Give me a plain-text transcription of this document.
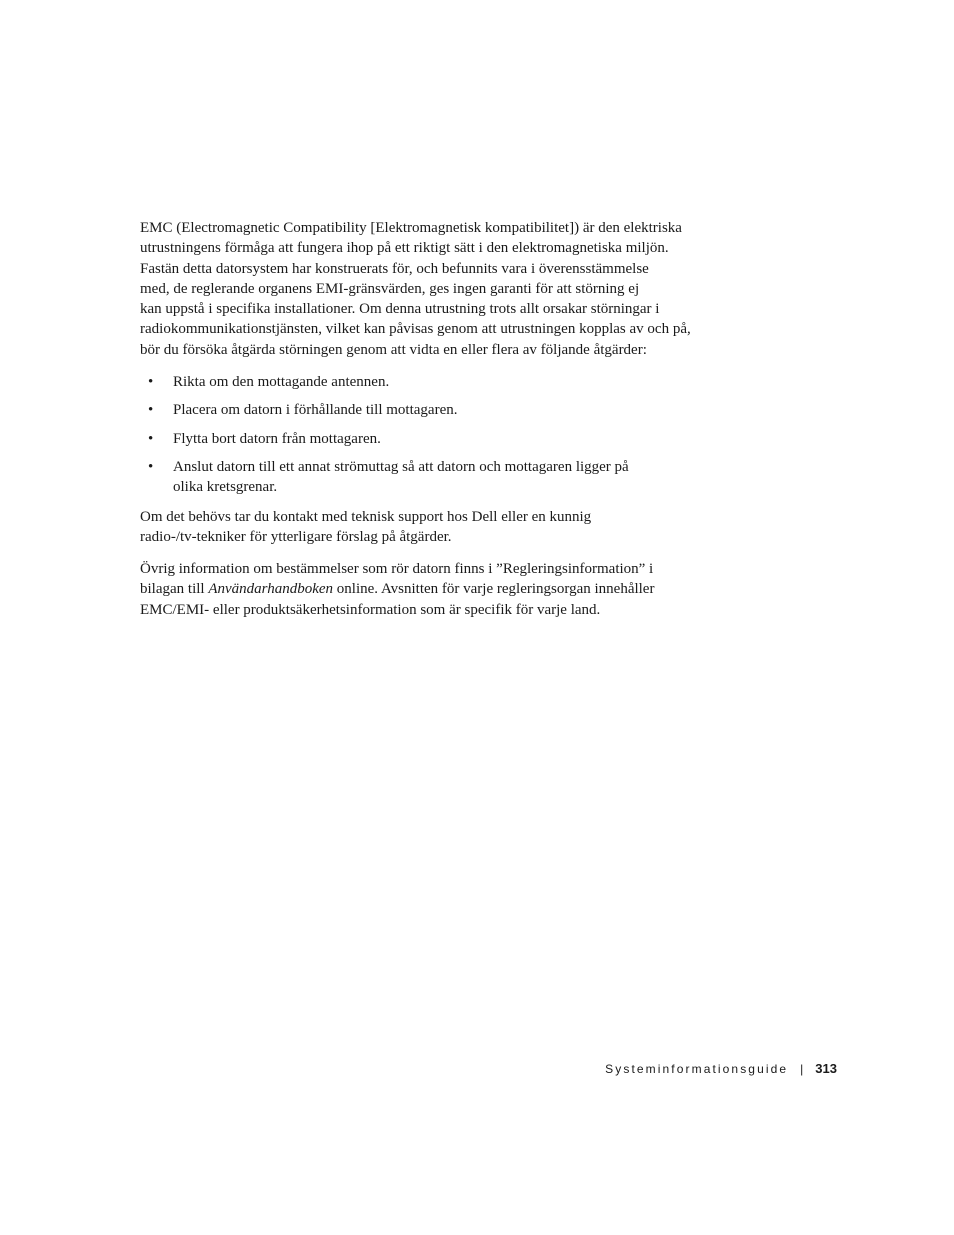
EMC (Electromagnetic Compatibility [Elektromagnetisk kompatibilitet]) är den elektriska
utrustningens förmåga att fungera ihop på ett riktigt sätt i den elektromagnetiska miljön.
Fastän detta datorsystem har konstruerats för, och befunnits vara i överensstämmelse
med, de reglerande organens EMI-gränsvärden, ges ingen garanti för att störning ej
kan uppstå i specifika installationer. Om denna utrustning trots allt orsakar störningar i
radiokommunikationstjänsten, vilket kan påvisas genom att utrustningen kopplas av och på,
bör du försöka åtgärda störningen genom att vidta en eller flera av följande åtgärder:

• Rikta om den mottagande antennen.
• Placera om datorn i förhållande till mottagaren.
• Flytta bort datorn från mottagaren.
• Anslut datorn till ett annat strömuttag så att datorn och mottagaren ligger på
olika kretsgrenar.

Om det behövs tar du kontakt med teknisk support hos Dell eller en kunnig
radio-/tv-tekniker för ytterligare förslag på åtgärder.

Övrig information om bestämmelser som rör datorn finns i ”Regleringsinformation” i
bilagan till Användarhandboken online. Avsnitten för varje regleringsorgan innehåller
EMC/EMI- eller produktsäkerhetsinformation som är specifik för varje land.

Systeminformationsguide | 313
